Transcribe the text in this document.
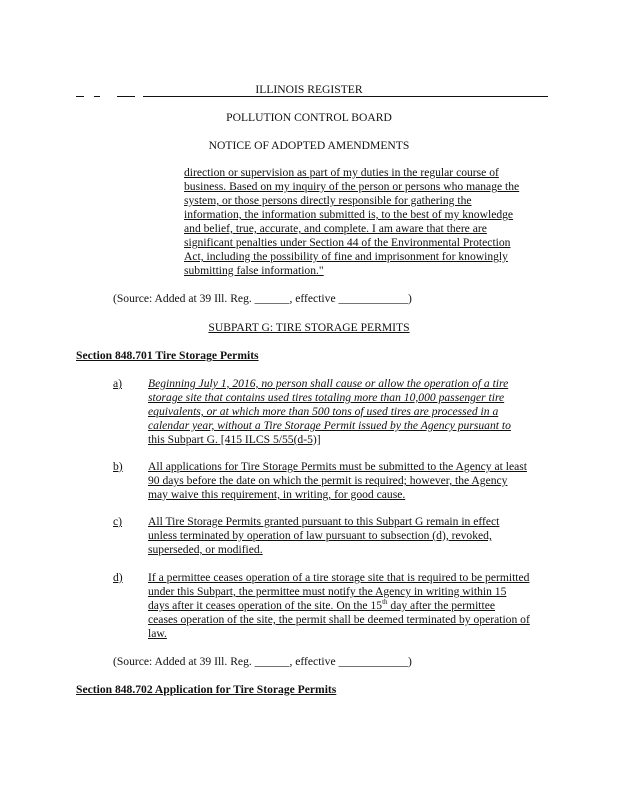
ILLINOIS REGISTER
POLLUTION CONTROL BOARD
NOTICE OF ADOPTED AMENDMENTS
direction or supervision as part of my duties in the regular course of
business. Based on my inquiry of the person or persons who manage the
system, or those persons directly responsible for gathering the
information, the information submitted is, to the best of my knowledge
and belief, true, accurate, and complete. I am aware that there are
significant penalties under Section 44 of the Environmental Protection
Act, including the possibility of fine and imprisonment for knowingly
submitting false information."
(Source: Added at 39 Ill. Reg. ______, effective ____________)
SUBPART G: TIRE STORAGE PERMITS
Section 848.701 Tire Storage Permits
a) Beginning July 1, 2016, no person shall cause or allow the operation of a tire
storage site that contains used tires totaling more than 10,000 passenger tire
equivalents, or at which more than 500 tons of used tires are processed in a
calendar year, without a Tire Storage Permit issued by the Agency pursuant to
this Subpart G. [415 ILCS 5/55(d-5)]
b) All applications for Tire Storage Permits must be submitted to the Agency at least
90 days before the date on which the permit is required; however, the Agency
may waive this requirement, in writing, for good cause.
c) All Tire Storage Permits granted pursuant to this Subpart G remain in effect
unless terminated by operation of law pursuant to subsection (d), revoked,
superseded, or modified.
d) If a permittee ceases operation of a tire storage site that is required to be permitted
under this Subpart, the permittee must notify the Agency in writing within 15
days after it ceases operation of the site. On the 15th day after the permittee
ceases operation of the site, the permit shall be deemed terminated by operation of
law.
(Source: Added at 39 Ill. Reg. ______, effective ____________)
Section 848.702 Application for Tire Storage Permits
